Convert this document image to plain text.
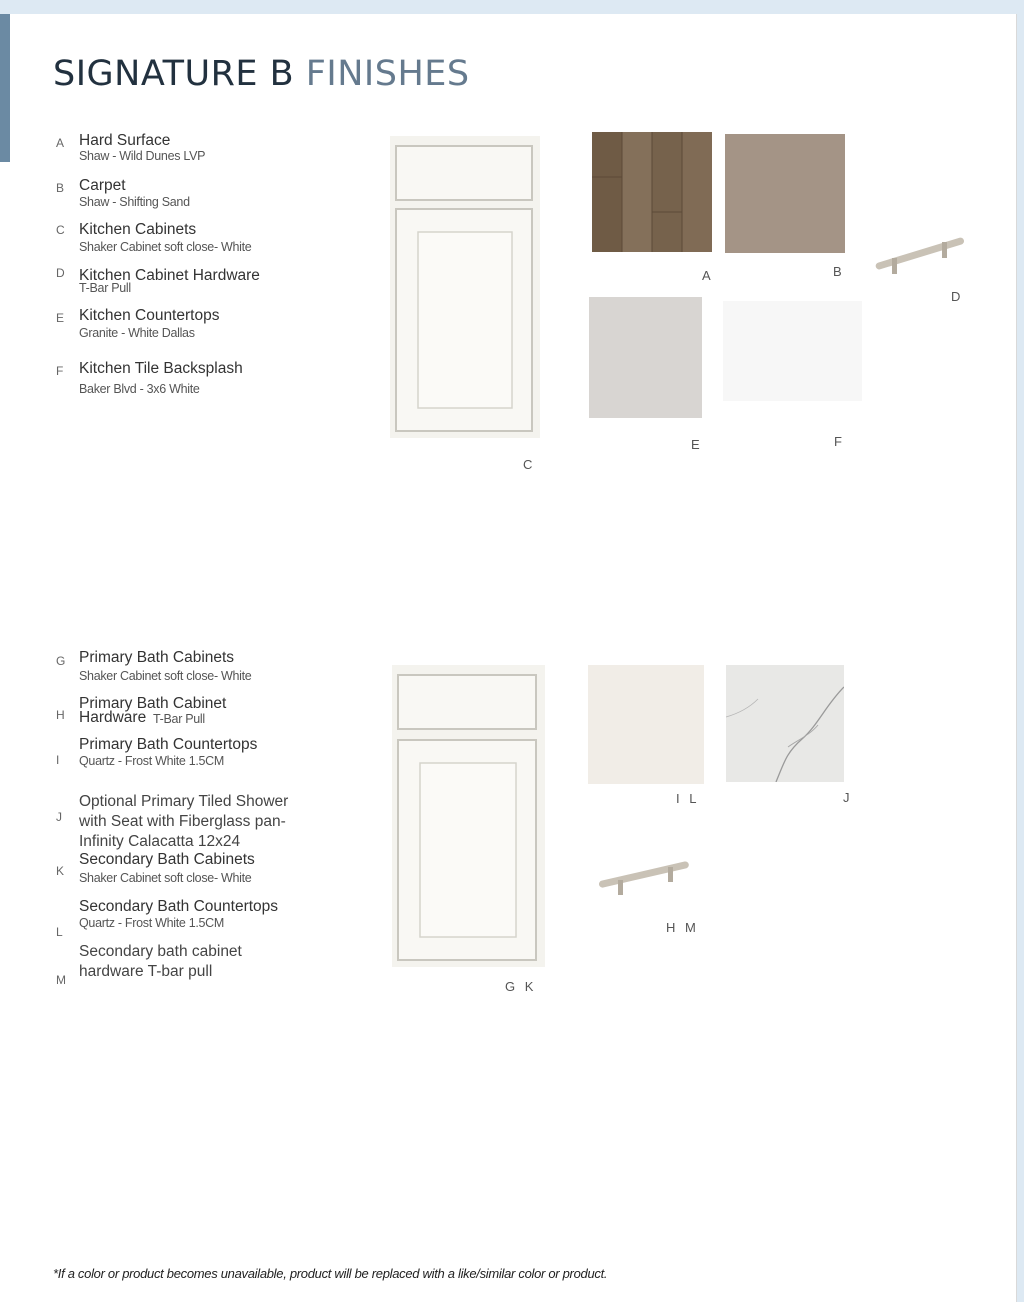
SIGNATURE B FINISHES
A Hard Surface
Shaw - Wild Dunes LVP
B Carpet
Shaw - Shifting Sand
C Kitchen Cabinets
Shaker Cabinet soft close- White
D Kitchen Cabinet Hardware
T-Bar Pull
E Kitchen Countertops
Granite - White Dallas
F Kitchen Tile Backsplash
Baker Blvd - 3x6 White
C
A	B
D
E	F
G Primary Bath Cabinets
Shaker Cabinet soft close- White
H
Primary Bath Cabinet
Hardware T-Bar Pull
I
Primary Bath Countertops
Quartz - Frost White 1.5CM
J
Optional Primary Tiled Shower
with Seat with Fiberglass pan-
Infinity Calacatta 12x24
K
Secondary Bath Cabinets
Shaker Cabinet soft close- White
L
Secondary Bath Countertops
Quartz - Frost White 1.5CM
M
Secondary bath cabinet
hardware T-bar pull
G K
I L	J
H M
*If a color or product becomes unavailable, product will be replaced with a like/similar color or product.
